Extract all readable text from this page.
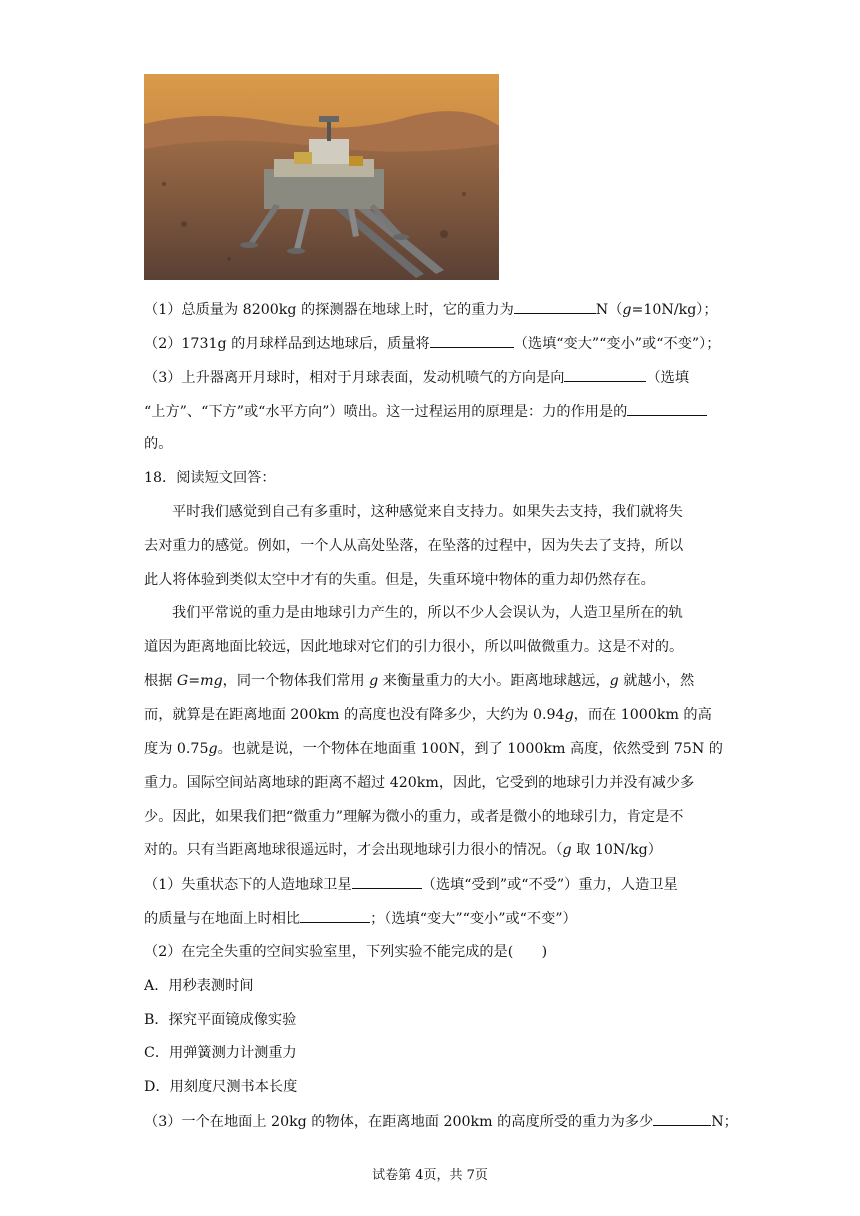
（1）总质量为 8200kg 的探测器在地球上时，它的重力为	N（g=10N/kg）；
（2）1731g 的月球样品到达地球后，质量将	（选填“变大”“变小”或“不变”）；
（3）上升器离开月球时，相对于月球表面，发动机喷气的方向是向	（选填
“上方”、“下方”或“水平方向”）喷出。这一过程运用的原理是：力的作用是的
的。
18．阅读短文回答：
平时我们感觉到自己有多重时，这种感觉来自支持力。如果失去支持，我们就将失
去对重力的感觉。例如，一个人从高处坠落，在坠落的过程中，因为失去了支持，所以
此人将体验到类似太空中才有的失重。但是，失重环境中物体的重力却仍然存在。
我们平常说的重力是由地球引力产生的，所以不少人会误认为，人造卫星所在的轨
道因为距离地面比较远，因此地球对它们的引力很小，所以叫做微重力。这是不对的。
根据 G=mg，同一个物体我们常用 g 来衡量重力的大小。距离地球越远，g 就越小，然
而，就算是在距离地面 200km 的高度也没有降多少，大约为 0.94g，而在 1000km 的高
度为 0.75g。也就是说，一个物体在地面重 100N，到了 1000km 高度，依然受到 75N 的
重力。国际空间站离地球的距离不超过 420km，因此，它受到的地球引力并没有减少多
少。因此，如果我们把“微重力”理解为微小的重力，或者是微小的地球引力，肯定是不
对的。只有当距离地球很遥远时，才会出现地球引力很小的情况。（g 取 10N/kg）
（1）失重状态下的人造地球卫星	（选填“受到”或“不受”）重力，人造卫星
的质量与在地面上时相比	；（选填“变大”“变小”或“不变”）
（2）在完全失重的空间实验室里，下列实验不能完成的是(　　)
A．用秒表测时间
B．探究平面镜成像实验
C．用弹簧测力计测重力
D．用刻度尺测书本长度
（3）一个在地面上 20kg 的物体，在距离地面 200km 的高度所受的重力为多少	N；
试卷第 4页，共 7页
